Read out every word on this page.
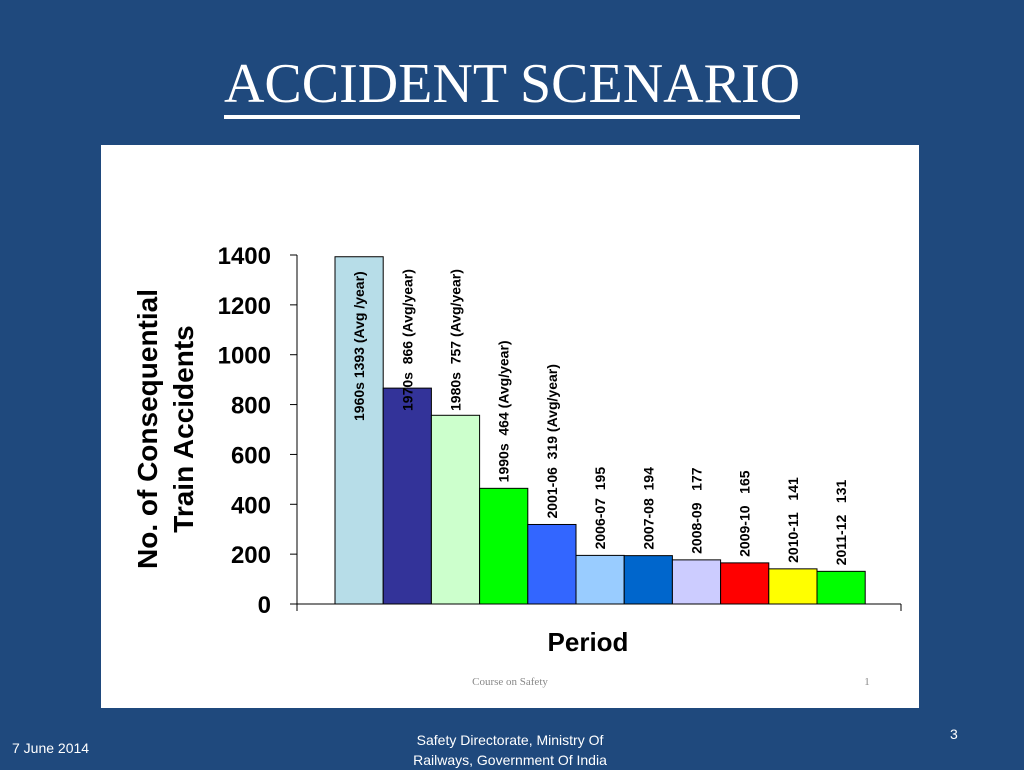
ACCIDENT SCENARIO
0
200
400
600
800
1000
1200
1400
1960s 1393 (Avg /year) 1970s  866 (Avg/year) 1980s  757 (Avg/year)
1990s  464 (Avg/year) 2001-06  319 (Avg/year) 2006-07  195 2007-08  194 2008-09   177 2009-10   165 2010-11   141 2011-12   131
Period
No. of Consequential Train Accidents
Course on Safety	1
7 June 2014	Safety Directorate, Ministry Of
Railways, Government Of India
3
